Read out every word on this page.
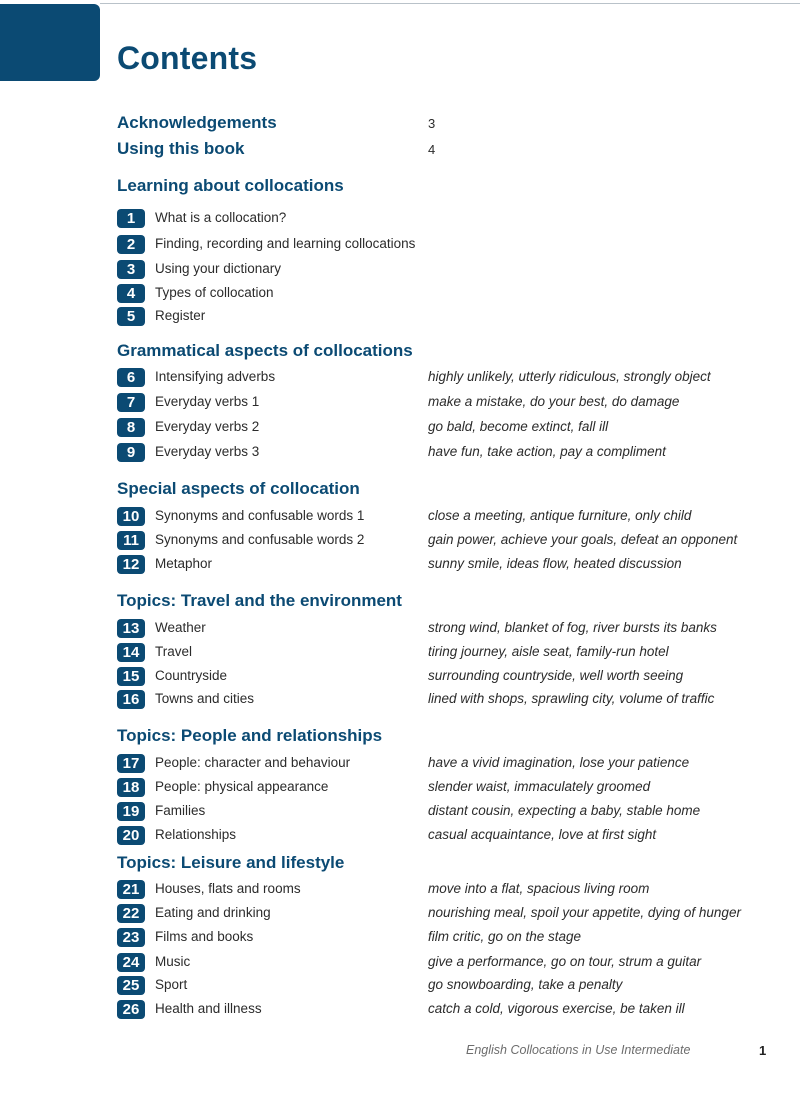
Contents
Acknowledgements	3
Using this book	4
Learning about collocations
1	What is a collocation?
2	Finding, recording and learning collocations
3	Using your dictionary
4	Types of collocation
5	Register
Grammatical aspects of collocations
6	Intensifying adverbs	highly unlikely, utterly ridiculous, strongly object
7	Everyday verbs 1	make a mistake, do your best, do damage
8	Everyday verbs 2	go bald, become extinct, fall ill
9	Everyday verbs 3	have fun, take action, pay a compliment
Special aspects of collocation
10	Synonyms and confusable words 1	close a meeting, antique furniture, only child
11	Synonyms and confusable words 2	gain power, achieve your goals, defeat an opponent
12	Metaphor	sunny smile, ideas flow, heated discussion
Topics: Travel and the environment
13	Weather	strong wind, blanket of fog, river bursts its banks
14	Travel	tiring journey, aisle seat, family-run hotel
15	Countryside	surrounding countryside, well worth seeing
16	Towns and cities	lined with shops, sprawling city, volume of traffic
Topics: People and relationships
17	People: character and behaviour	have a vivid imagination, lose your patience
18	People: physical appearance	slender waist, immaculately groomed
19	Families	distant cousin, expecting a baby, stable home
20	Relationships	casual acquaintance, love at first sight
Topics: Leisure and lifestyle
21	Houses, flats and rooms	move into a flat, spacious living room
22	Eating and drinking	nourishing meal, spoil your appetite, dying of hunger
23	Films and books	film critic, go on the stage
24	Music	give a performance, go on tour, strum a guitar
25	Sport	go snowboarding, take a penalty
26	Health and illness	catch a cold, vigorous exercise, be taken ill
English Collocations in Use Intermediate	1
